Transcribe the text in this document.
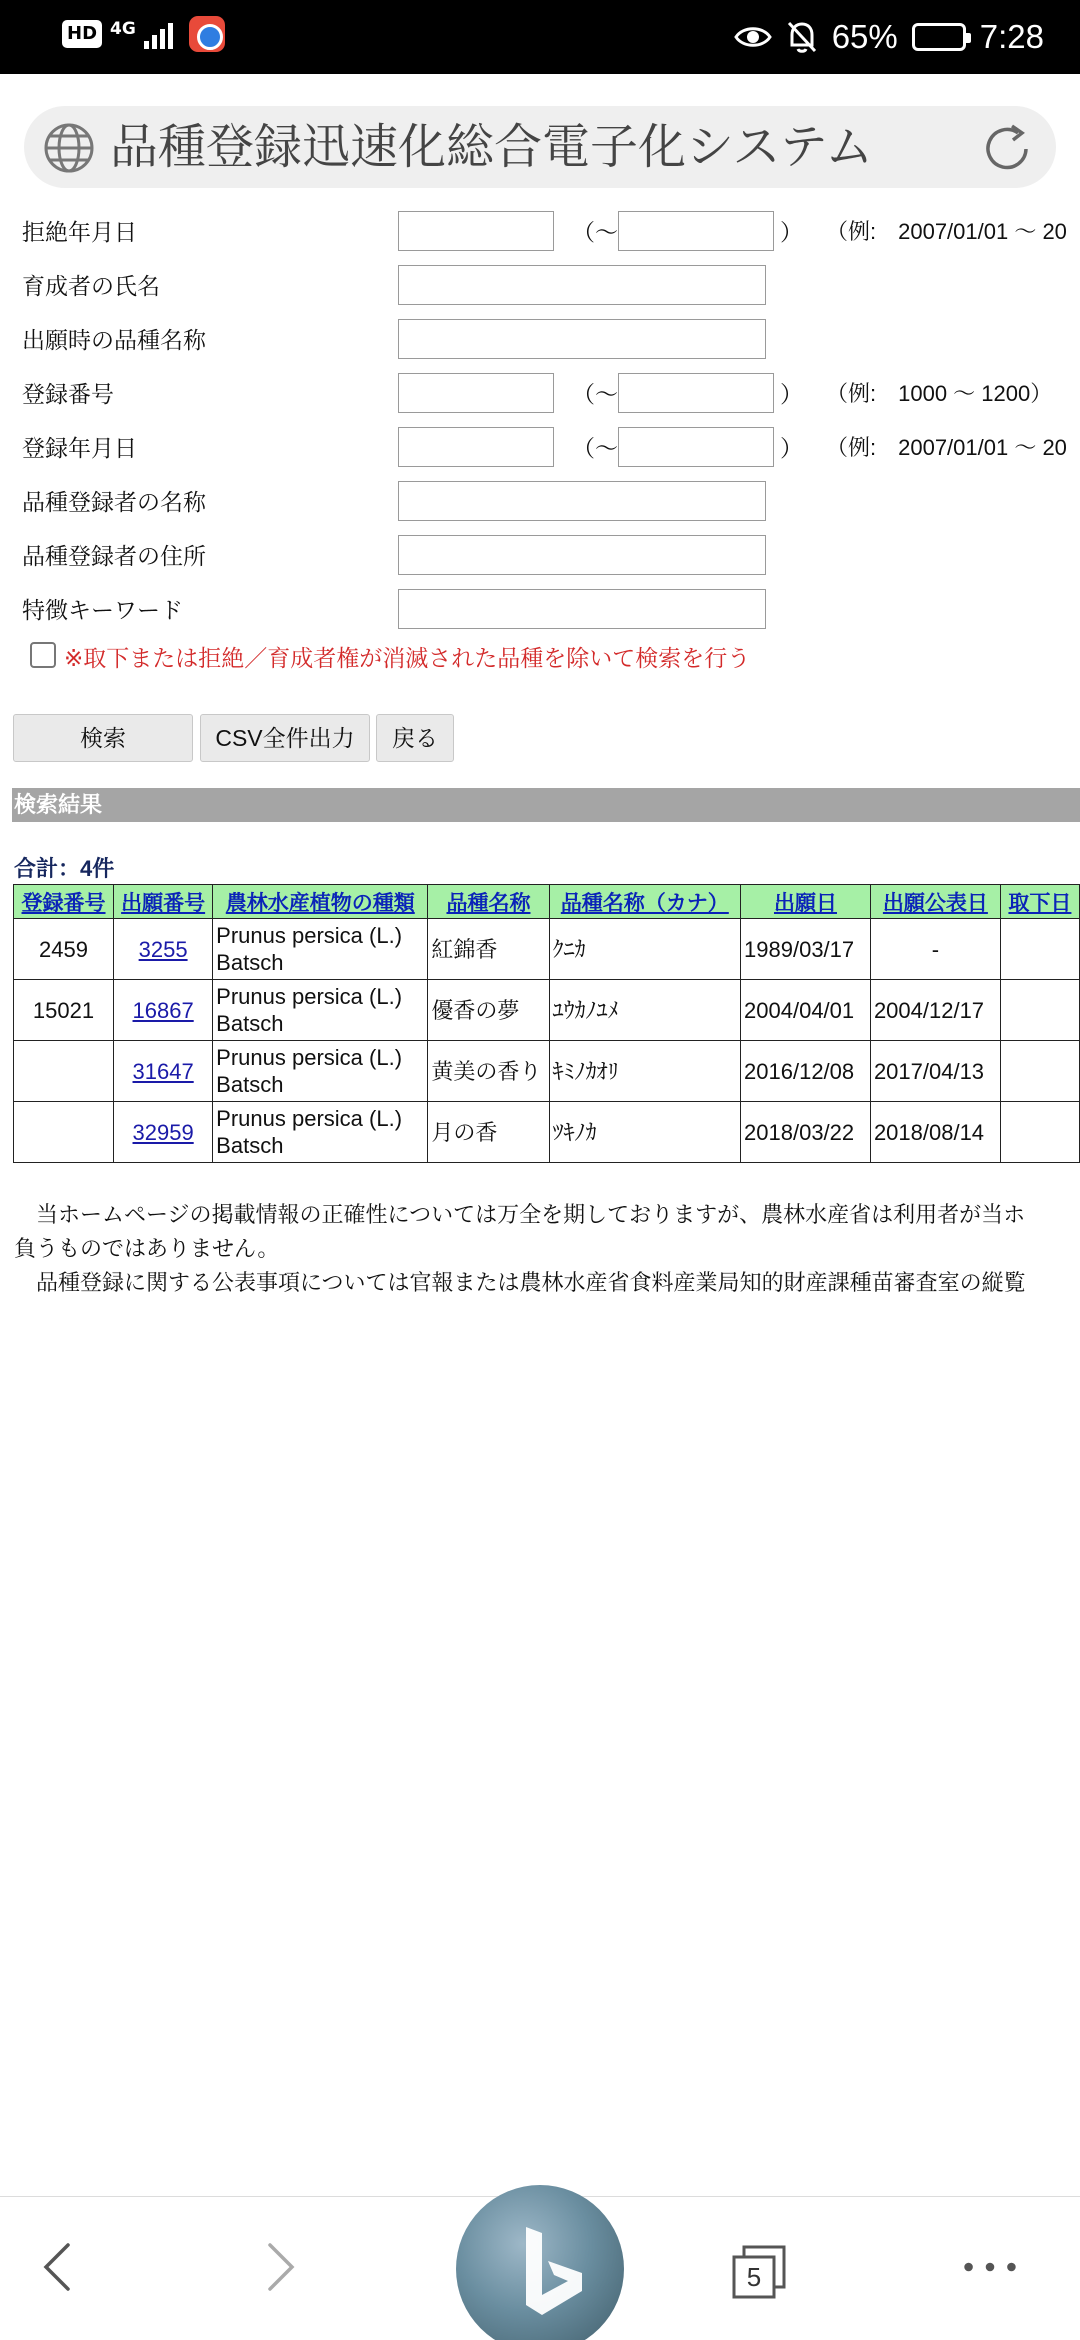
HD 4G	65% 7:28
品種登録迅速化総合電子化システム
拒絶年月日	（～	） （例:　2007/01/01 ～ 20
育成者の氏名
出願時の品種名称
登録番号	（～	） （例:　1000 ～ 1200）
登録年月日	（～	） （例:　2007/01/01 ～ 20
品種登録者の名称
品種登録者の住所
特徴キーワード
※取下または拒絶／育成者権が消滅された品種を除いて検索を行う
検索	CSV全件出力	戻る
検索結果
合計：4件
登録番号	出願番号	農林水産植物の種類	品種名称	品種名称（カナ）	出願日	出願公表日	取下日
2459	3255	Prunus persica (L.) Batsch	紅錦香	ｸﾆｶ	1989/03/17	-	
15021	16867	Prunus persica (L.) Batsch	優香の夢	ﾕｳｶﾉﾕﾒ	2004/04/01	2004/12/17	
	31647	Prunus persica (L.) Batsch	黄美の香り	ｷﾐﾉｶｵﾘ	2016/12/08	2017/04/13	
	32959	Prunus persica (L.) Batsch	月の香	ﾂｷﾉｶ	2018/03/22	2018/08/14	

　当ホームページの掲載情報の正確性については万全を期しておりますが、農林水産省は利用者が当ホ

負うものではありません。

　品種登録に関する公表事項については官報または農林水産省食料産業局知的財産課種苗審査室の縦覧

5
